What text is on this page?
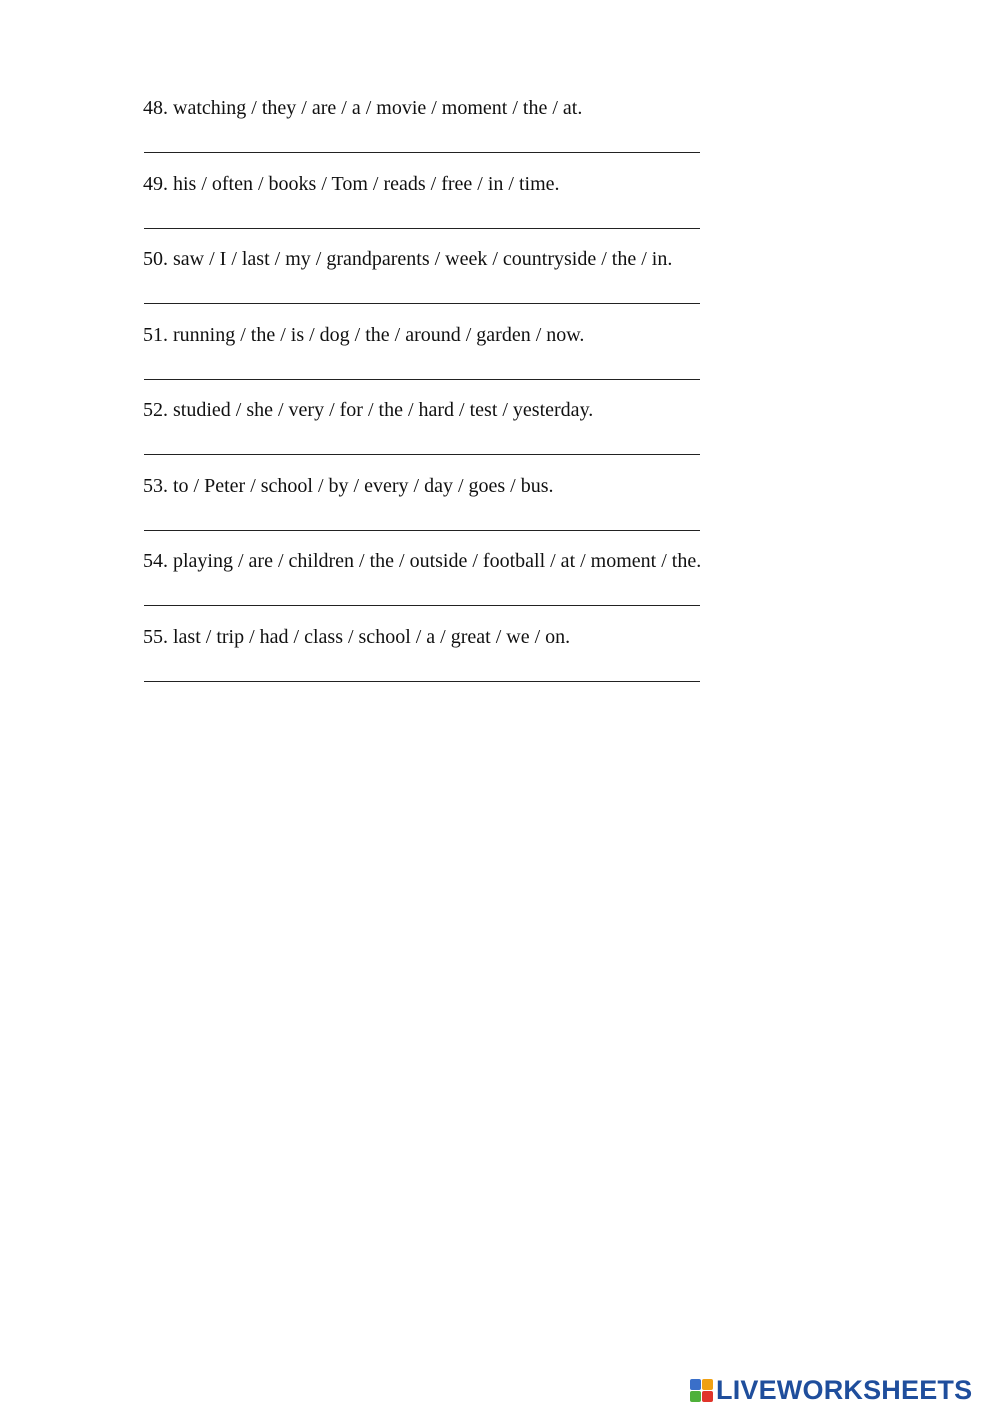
48. watching / they / are / a / movie / moment / the / at.
49. his / often / books / Tom / reads / free / in / time.
50. saw / I / last / my / grandparents / week / countryside / the / in.
51. running / the / is / dog / the / around / garden / now.
52. studied / she / very / for / the / hard / test / yesterday.
53. to / Peter / school / by / every / day / goes / bus.
54. playing / are / children / the / outside / football / at / moment / the.
55. last / trip / had / class / school / a / great / we / on.
LIVEWORKSHEETS
